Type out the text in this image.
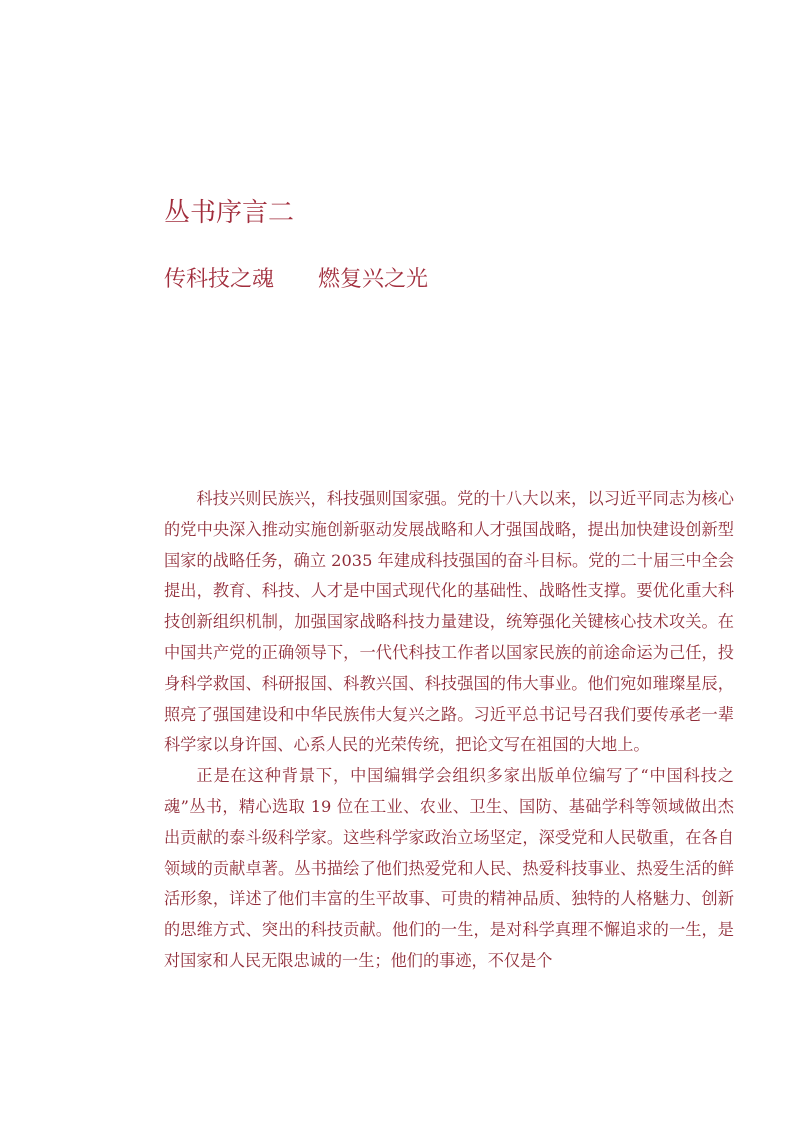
丛书序言二
传科技之魂　　燃复兴之光

科技兴则民族兴，科技强则国家强。党的十八大以来，以习近平同志为核心的党中央深入推动实施创新驱动发展战略和人才强国战略，提出加快建设创新型国家的战略任务，确立 2035 年建成科技强国的奋斗目标。党的二十届三中全会提出，教育、科技、人才是中国式现代化的基础性、战略性支撑。要优化重大科技创新组织机制，加强国家战略科技力量建设，统筹强化关键核心技术攻关。在中国共产党的正确领导下，一代代科技工作者以国家民族的前途命运为己任，投身科学救国、科研报国、科教兴国、科技强国的伟大事业。他们宛如璀璨星辰，照亮了强国建设和中华民族伟大复兴之路。习近平总书记号召我们要传承老一辈科学家以身许国、心系人民的光荣传统，把论文写在祖国的大地上。

正是在这种背景下，中国编辑学会组织多家出版单位编写了“中国科技之魂”丛书，精心选取 19 位在工业、农业、卫生、国防、基础学科等领域做出杰出贡献的泰斗级科学家。这些科学家政治立场坚定，深受党和人民敬重，在各自领域的贡献卓著。丛书描绘了他们热爱党和人民、热爱科技事业、热爱生活的鲜活形象，详述了他们丰富的生平故事、可贵的精神品质、独特的人格魅力、创新的思维方式、突出的科技贡献。他们的一生，是对科学真理不懈追求的一生，是对国家和人民无限忠诚的一生；他们的事迹，不仅是个
